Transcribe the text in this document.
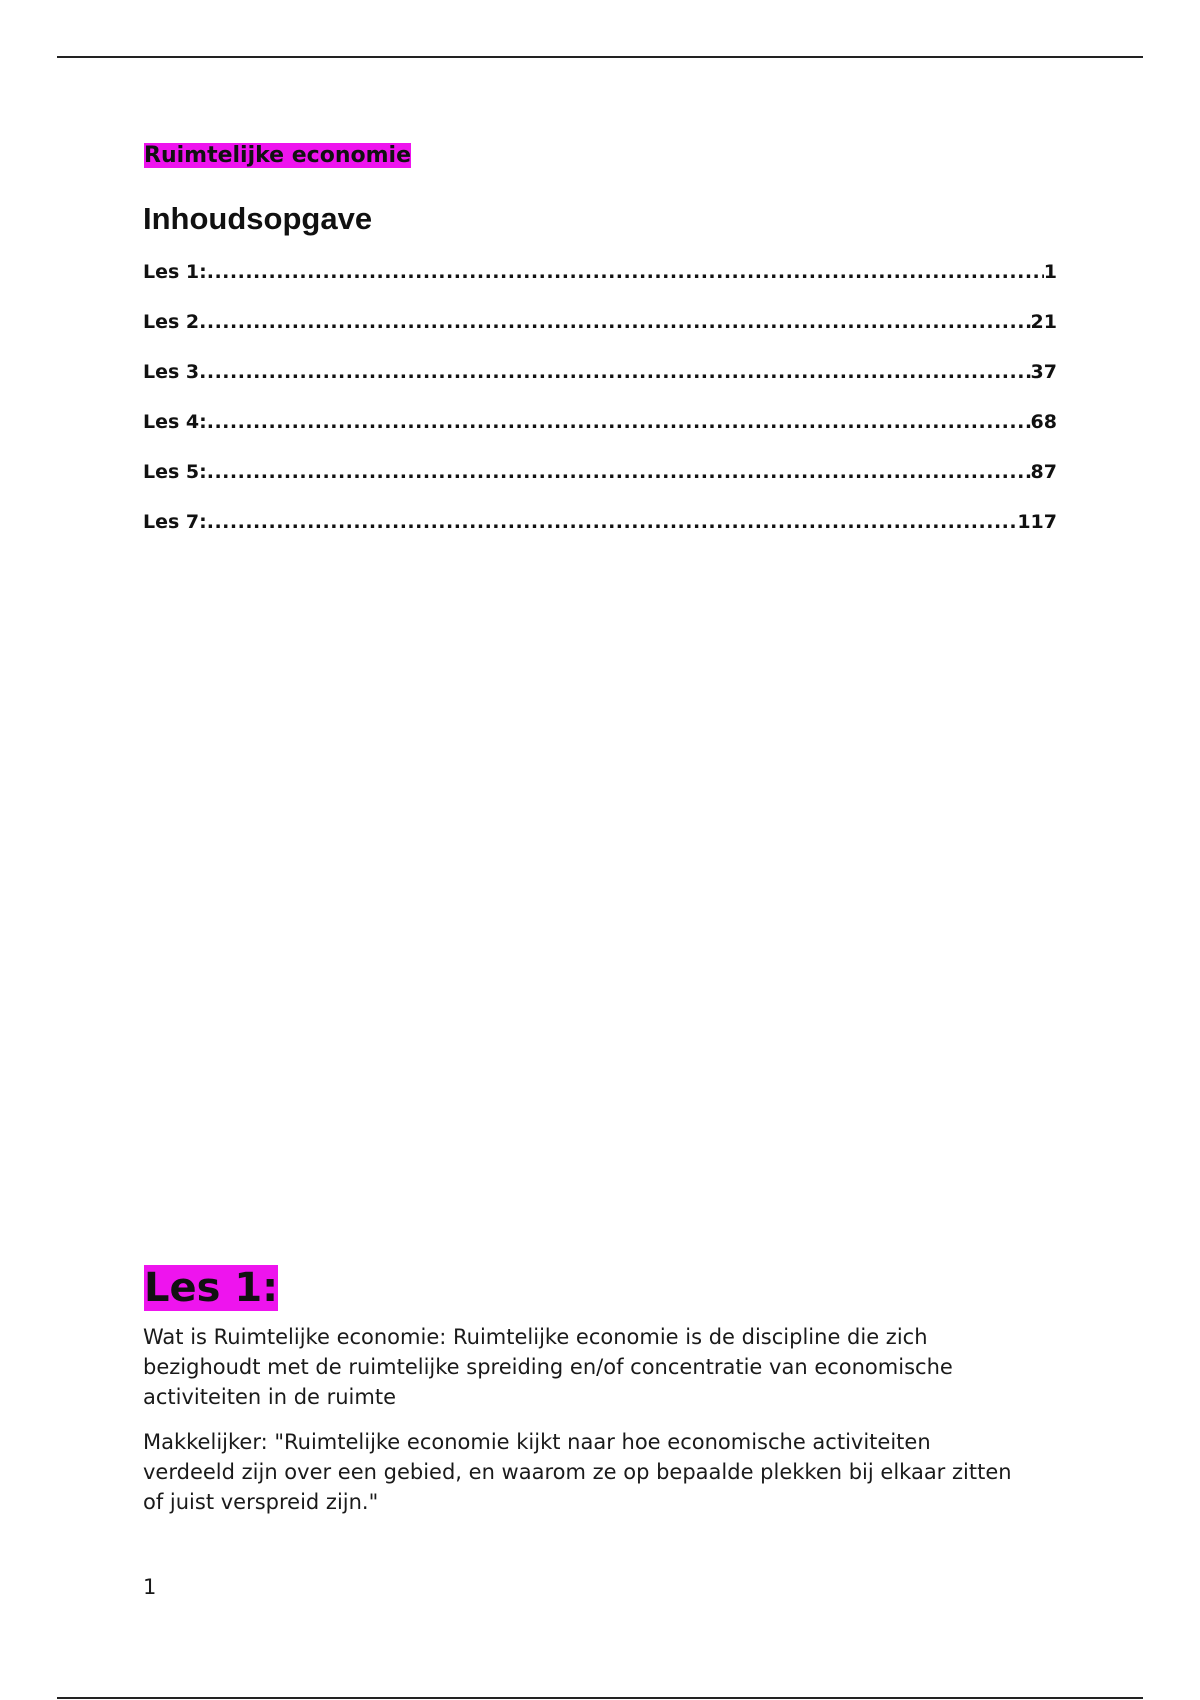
Ruimtelijke economie
Inhoudsopgave
Les 1: .....	1
Les 2 .....	21
Les 3 .....	37
Les 4: .....	68
Les 5: .....	87
Les 7: .....	117
Les 1:

Wat is Ruimtelijke economie: Ruimtelijke economie is de discipline die zich bezighoudt met de ruimtelijke spreiding en/of concentratie van economische activiteiten in de ruimte

Makkelijker: "Ruimtelijke economie kijkt naar hoe economische activiteiten verdeeld zijn over een gebied, en waarom ze op bepaalde plekken bij elkaar zitten of juist verspreid zijn."

1
